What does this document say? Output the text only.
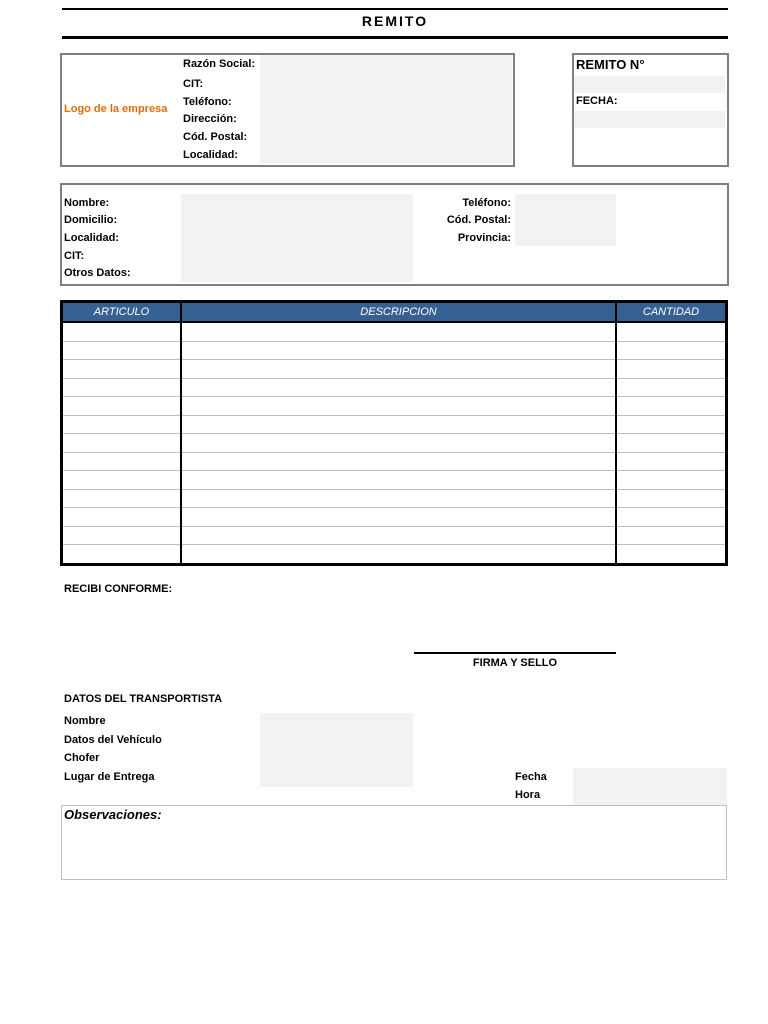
REMITO
Logo de la empresa
Razón Social:
CIT:
Teléfono:
Dirección:
Cód. Postal:
Localidad:
REMITO N°
FECHA:
Nombre:
Domicilio:
Localidad:
CIT:
Otros Datos:
Teléfono:
Cód. Postal:
Provincia:
ARTICULO	DESCRIPCION	CANTIDAD

RECIBI CONFORME:
FIRMA Y SELLO
DATOS DEL TRANSPORTISTA
Nombre
Datos del Vehículo
Chofer
Lugar de Entrega	Fecha
Hora
Observaciones:
